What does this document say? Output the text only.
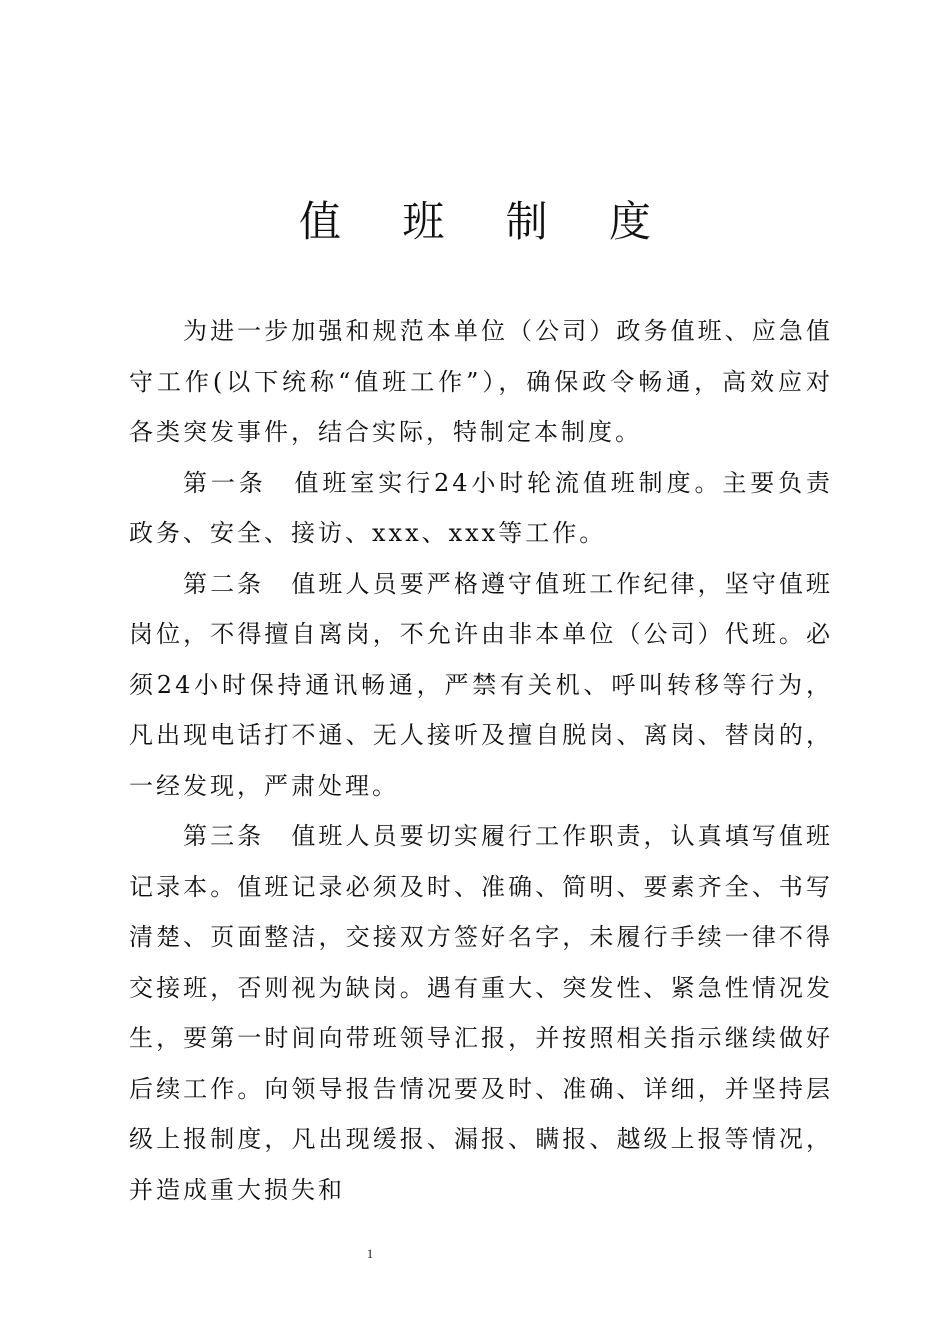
值 班 制 度

为进一步加强和规范本单位（公司）政务值班、应急值守工作(以下统称“值班工作”），确保政令畅通，高效应对各类突发事件，结合实际，特制定本制度。

第一条　值班室实行24小时轮流值班制度。主要负责政务、安全、接访、xxx、xxx等工作。

第二条　值班人员要严格遵守值班工作纪律，坚守值班岗位，不得擅自离岗，不允许由非本单位（公司）代班。必须24小时保持通讯畅通，严禁有关机、呼叫转移等行为，凡出现电话打不通、无人接听及擅自脱岗、离岗、替岗的，一经发现，严肃处理。

第三条　值班人员要切实履行工作职责，认真填写值班记录本。值班记录必须及时、准确、简明、要素齐全、书写清楚、页面整洁，交接双方签好名字，未履行手续一律不得交接班，否则视为缺岗。遇有重大、突发性、紧急性情况发生，要第一时间向带班领导汇报，并按照相关指示继续做好后续工作。向领导报告情况要及时、准确、详细，并坚持层级上报制度，凡出现缓报、漏报、瞒报、越级上报等情况，并造成重大损失和

1
